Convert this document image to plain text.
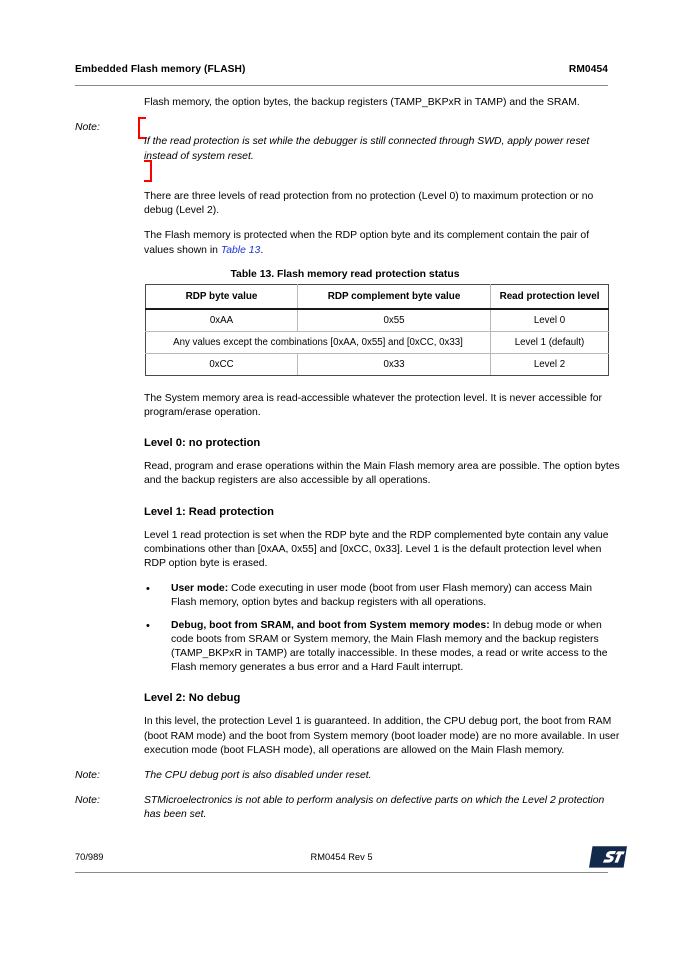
Embedded Flash memory (FLASH)	RM0454

Flash memory, the option bytes, the backup registers (TAMP_BKPxR in TAMP) and the SRAM.

Note:
If the read protection is set while the debugger is still connected through SWD, apply power reset instead of system reset.

There are three levels of read protection from no protection (Level 0) to maximum protection or no debug (Level 2).

The Flash memory is protected when the RDP option byte and its complement contain the pair of values shown in Table 13.

Table 13. Flash memory read protection status
RDP byte value	RDP complement byte value	Read protection level
0xAA	0x55	Level 0
Any values except the combinations [0xAA, 0x55] and [0xCC, 0x33]		Level 1 (default)
0xCC	0x33	Level 2

The System memory area is read-accessible whatever the protection level. It is never accessible for program/erase operation.

Level 0: no protection

Read, program and erase operations within the Main Flash memory area are possible. The option bytes and the backup registers are also accessible by all operations.

Level 1: Read protection

Level 1 read protection is set when the RDP byte and the RDP complemented byte contain any value combinations other than [0xAA, 0x55] and [0xCC, 0x33]. Level 1 is the default protection level when RDP option byte is erased.

•	User mode: Code executing in user mode (boot from user Flash memory) can access Main Flash memory, option bytes and backup registers with all operations.
•	Debug, boot from SRAM, and boot from System memory modes: In debug mode or when code boots from SRAM or System memory, the Main Flash memory and the backup registers (TAMP_BKPxR in TAMP) are totally inaccessible. In these modes, a read or write access to the Flash memory generates a bus error and a Hard Fault interrupt.
Level 2: No debug

In this level, the protection Level 1 is guaranteed. In addition, the CPU debug port, the boot from RAM (boot RAM mode) and the boot from System memory (boot loader mode) are no more available. In user execution mode (boot FLASH mode), all operations are allowed on the Main Flash memory.

Note:	The CPU debug port is also disabled under reset.
Note:	STMicroelectronics is not able to perform analysis on defective parts on which the Level 2 protection has been set.
70/989	RM0454 Rev 5
